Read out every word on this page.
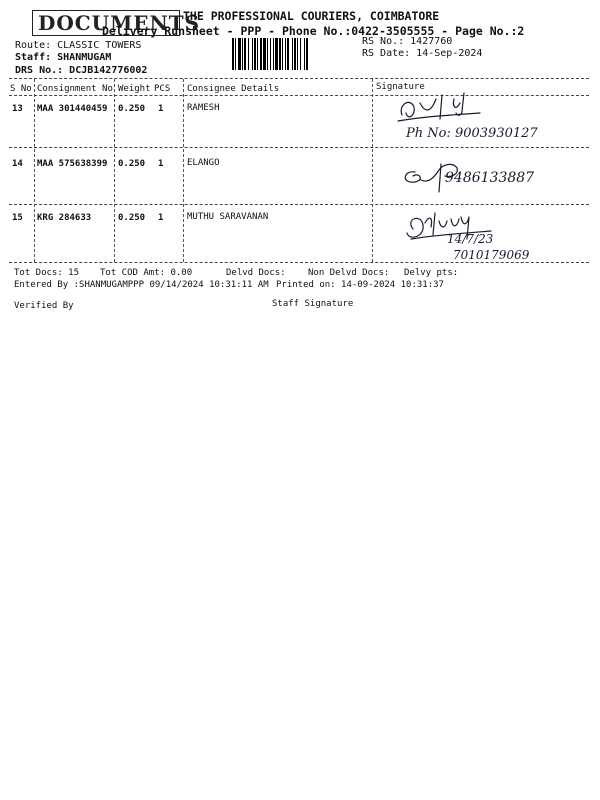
DOCUMENTS
THE PROFESSIONAL COURIERS, COIMBATORE
Delivery Runsheet - PPP - Phone No.:0422-3505555 - Page No.:2
Route: CLASSIC TOWERS
Staff: SHANMUGAM
DRS No.: DCJB142776002
RS No.: 1427760
RS Date: 14-Sep-2024
S No Consignment No Weight PCS Consignee Details	Signature
13 MAA 301440459 0.250 1	RAMESH
Ph No: 9003930127
14 MAA 575638399 0.250 1	ELANGO
9486133887
15 KRG 284633	0.250 1	MUTHU SARAVANAN
14/7/23
7010179069
Tot Docs: 15 Tot COD Amt: 0.00	Delvd Docs: Non Delvd Docs: Delvy pts:
Entered By :SHANMUGAMPPP 09/14/2024 10:31:11 AM Printed on: 14-09-2024 10:31:37
Verified By	Staff Signature
